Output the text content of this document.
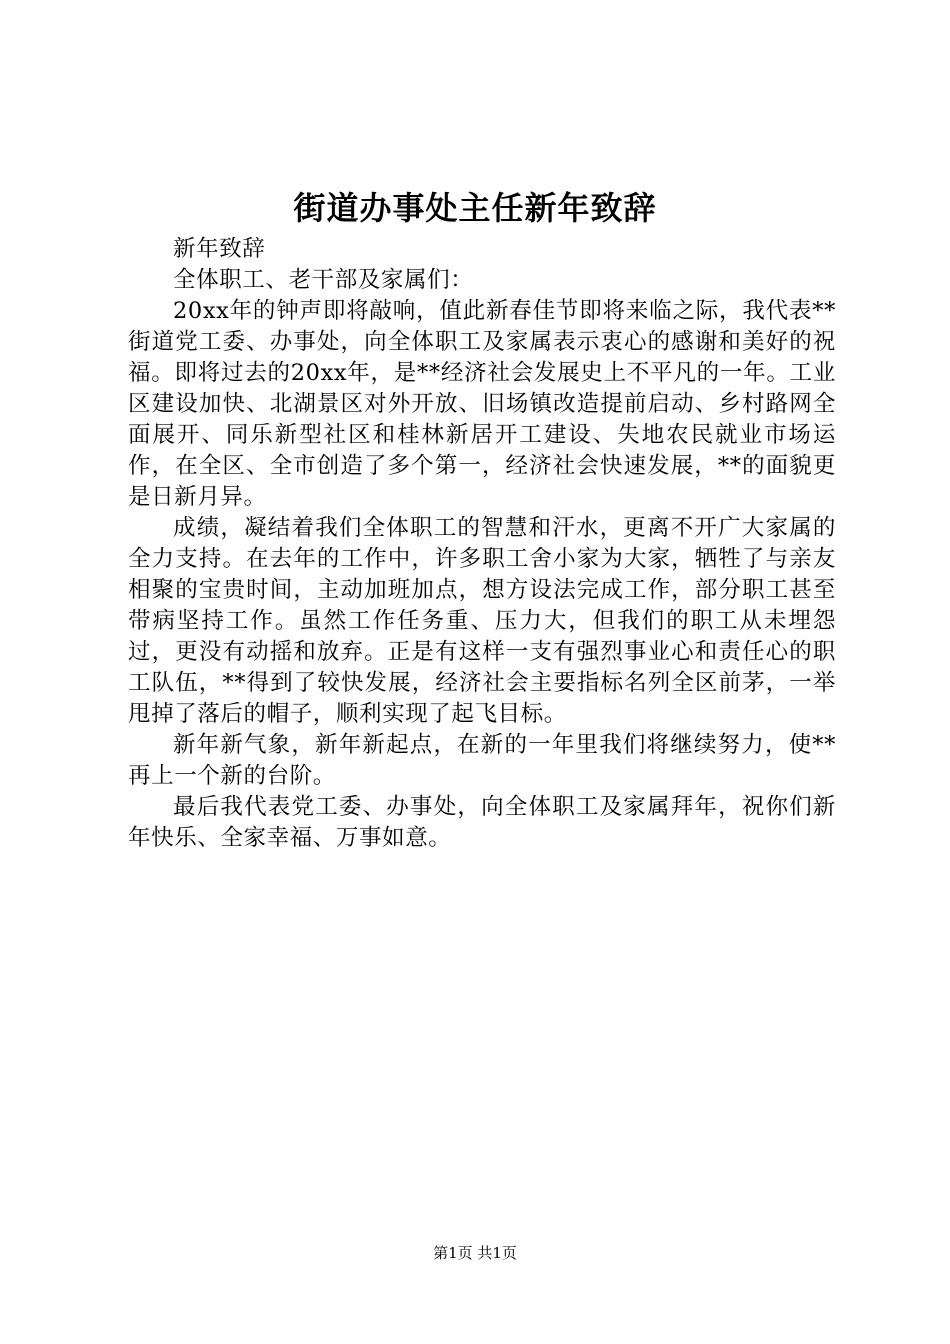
街道办事处主任新年致辞

新年致辞

全体职工、老干部及家属们：

20xx年的钟声即将敲响，值此新春佳节即将来临之际，我代表**街道党工委、办事处，向全体职工及家属表示衷心的感谢和美好的祝福。即将过去的20xx年，是**经济社会发展史上不平凡的一年。工业区建设加快、北湖景区对外开放、旧场镇改造提前启动、乡村路网全面展开、同乐新型社区和桂林新居开工建设、失地农民就业市场运作，在全区、全市创造了多个第一，经济社会快速发展，**的面貌更是日新月异。

成绩，凝结着我们全体职工的智慧和汗水，更离不开广大家属的全力支持。在去年的工作中，许多职工舍小家为大家，牺牲了与亲友相聚的宝贵时间，主动加班加点，想方设法完成工作，部分职工甚至带病坚持工作。虽然工作任务重、压力大，但我们的职工从未埋怨过，更没有动摇和放弃。正是有这样一支有强烈事业心和责任心的职工队伍，**得到了较快发展，经济社会主要指标名列全区前茅，一举甩掉了落后的帽子，顺利实现了起飞目标。

新年新气象，新年新起点，在新的一年里我们将继续努力，使**再上一个新的台阶。

最后我代表党工委、办事处，向全体职工及家属拜年，祝你们新年快乐、全家幸福、万事如意。

第1页 共1页
